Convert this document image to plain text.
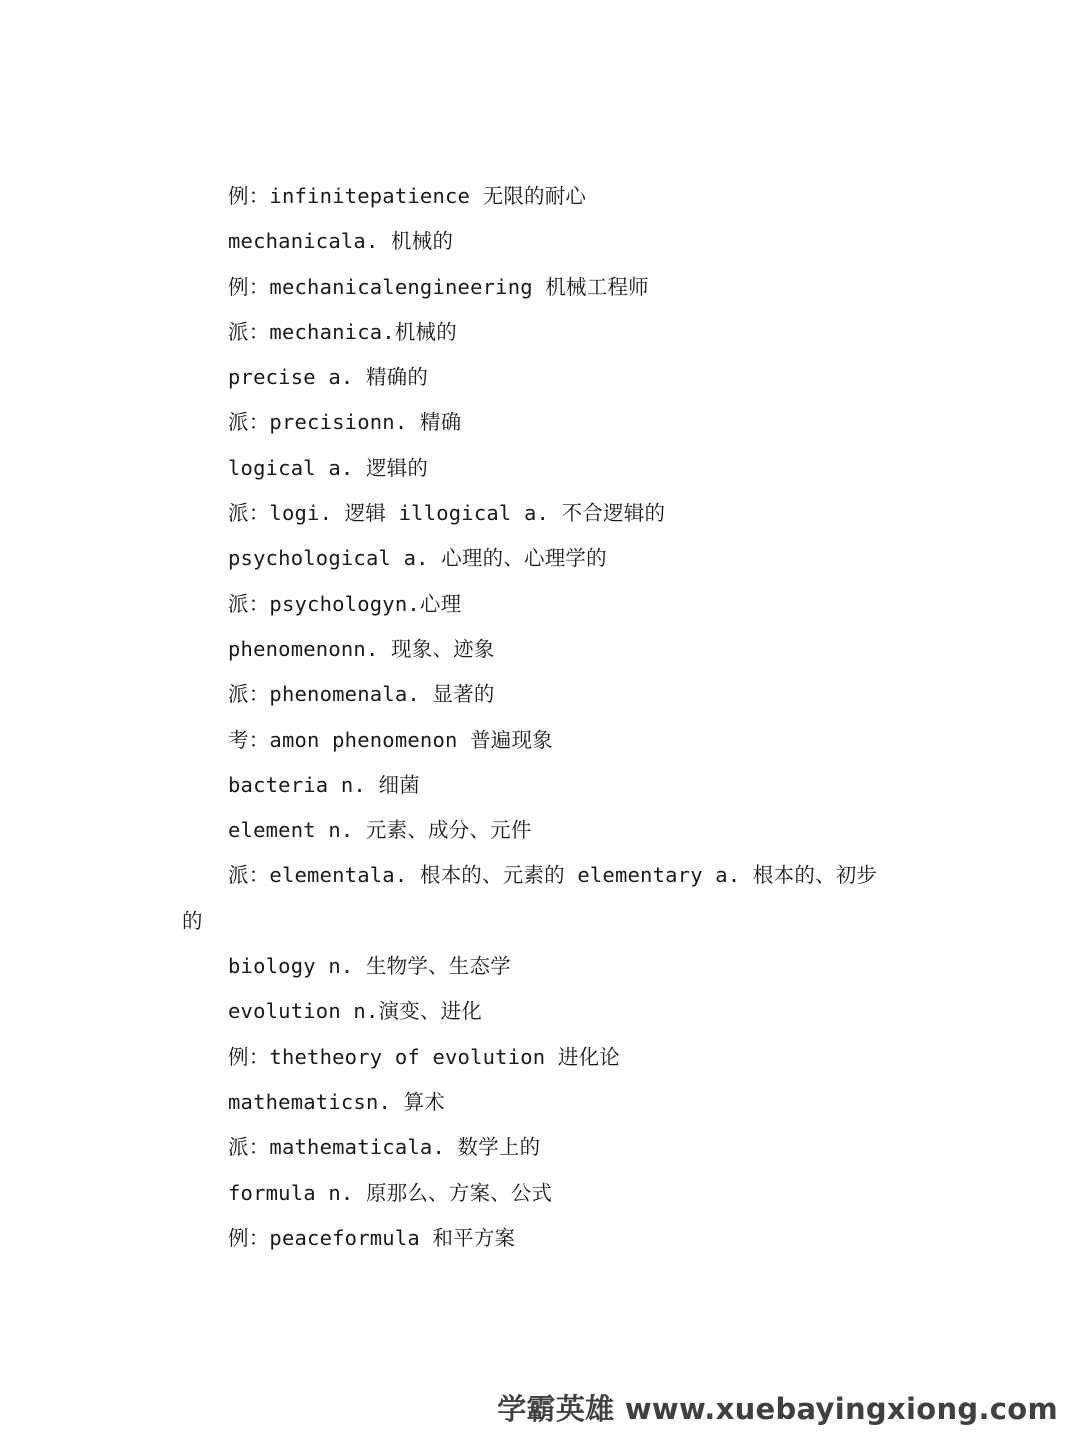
例：infinitepatience 无限的耐心
mechanicala. 机械的
例：mechanicalengineering 机械工程师
派：mechanica.机械的
precise a. 精确的
派：precisionn. 精确
logical a. 逻辑的
派：logi. 逻辑 illogical a. 不合逻辑的
psychological a. 心理的、心理学的
派：psychologyn.心理
phenomenonn. 现象、迹象
派：phenomenala. 显著的
考：amon phenomenon 普遍现象
bacteria n. 细菌
element n. 元素、成分、元件
派：elementala. 根本的、元素的 elementary a. 根本的、初步的
biology n. 生物学、生态学
evolution n.演变、进化
例：thetheory of evolution 进化论
mathematicsn. 算术
派：mathematicala. 数学上的
formula n. 原那么、方案、公式
例：peaceformula 和平方案
学霸英雄 www.xuebayingxiong.com
